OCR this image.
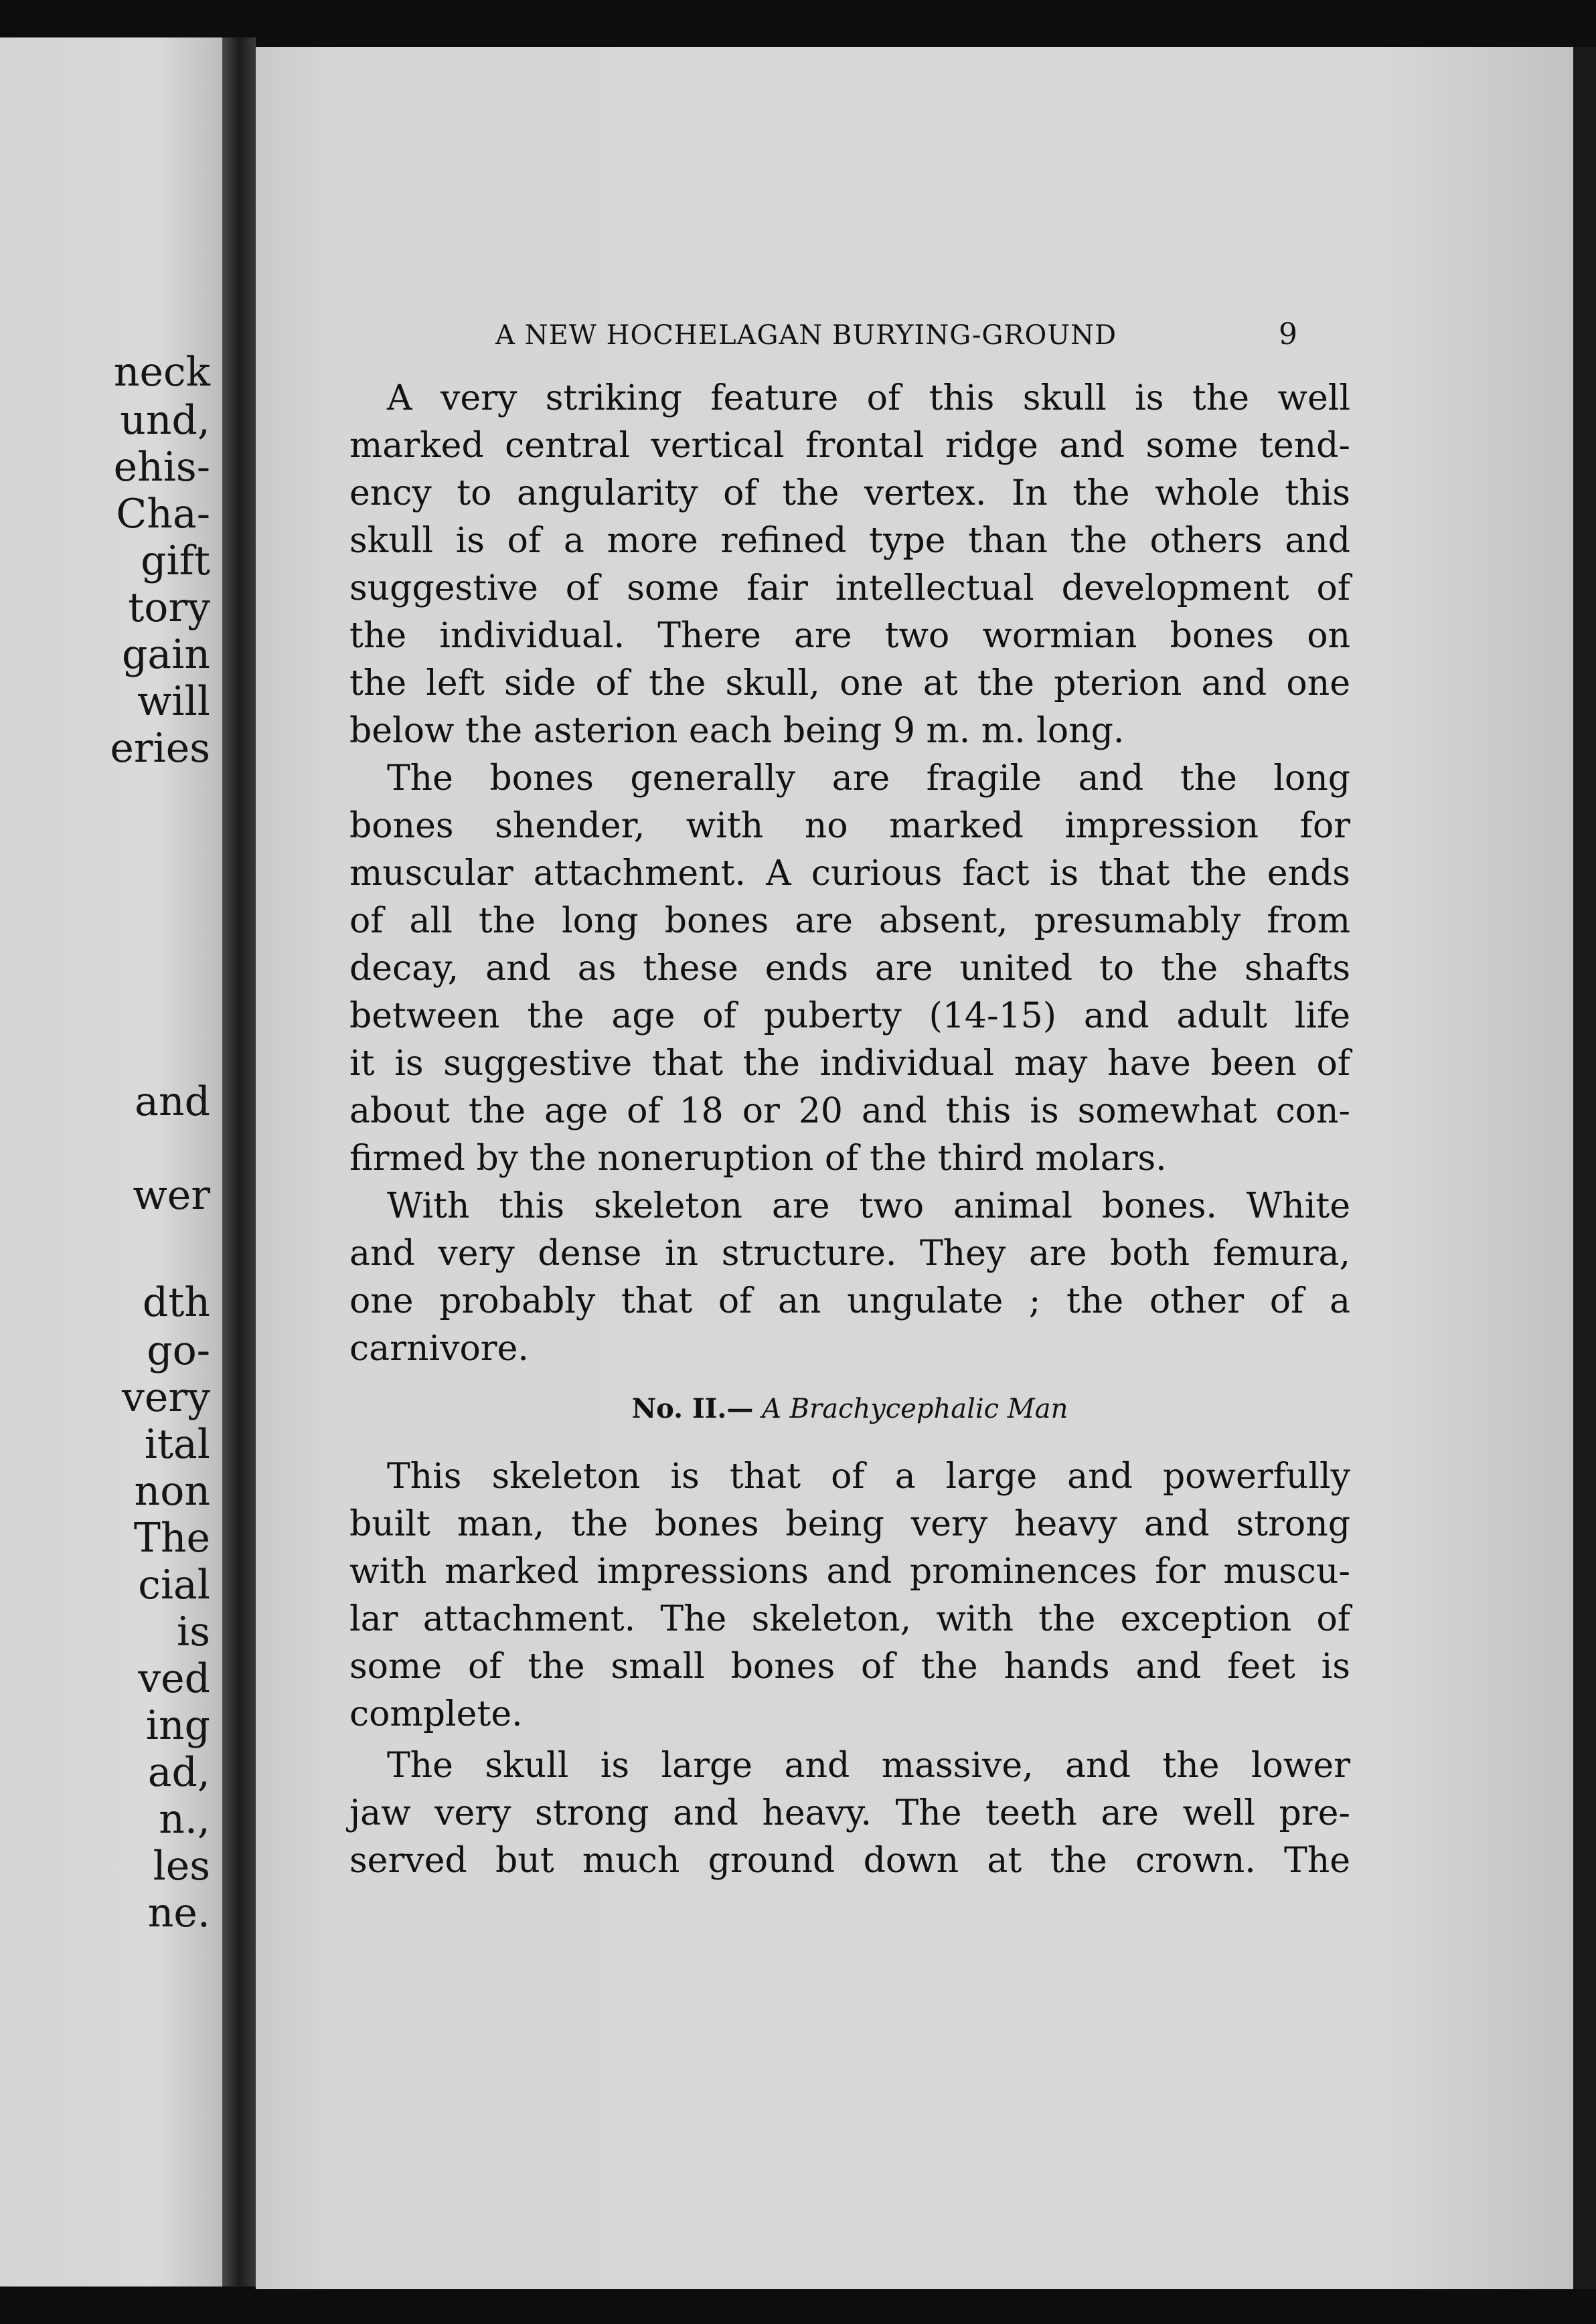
neck
und,
ehis-
Cha-
gift
tory
gain
will
eries
and
wer
dth
go-
very
ital
non
The
cial
is
ved
ing
ad,
n.,
les
ne.
A NEW HOCHELAGAN BURYING-GROUND	9
A very striking feature of this skull is the well
marked central vertical frontal ridge and some tend-
ency to angularity of the vertex. In the whole this
skull is of a more refined type than the others and
suggestive of some fair intellectual development of
the individual. There are two wormian bones on
the left side of the skull, one at the pterion and one
below the asterion each being 9 m. m. long.
The bones generally are fragile and the long
bones shender, with no marked impression for
muscular attachment. A curious fact is that the ends
of all the long bones are absent, presumably from
decay, and as these ends are united to the shafts
between the age of puberty (14-15) and adult life
it is suggestive that the individual may have been of
about the age of 18 or 20 and this is somewhat con-
firmed by the noneruption of the third molars.
With this skeleton are two animal bones. White
and very dense in structure. They are both femura,
one probably that of an ungulate ; the other of a
carnivore.
No. II.— A Brachycephalic Man
This skeleton is that of a large and powerfully
built man, the bones being very heavy and strong
with marked impressions and prominences for muscu-
lar attachment. The skeleton, with the exception of
some of the small bones of the hands and feet is
complete.
The skull is large and massive, and the lower
jaw very strong and heavy. The teeth are well pre-
served but much ground down at the crown. The
